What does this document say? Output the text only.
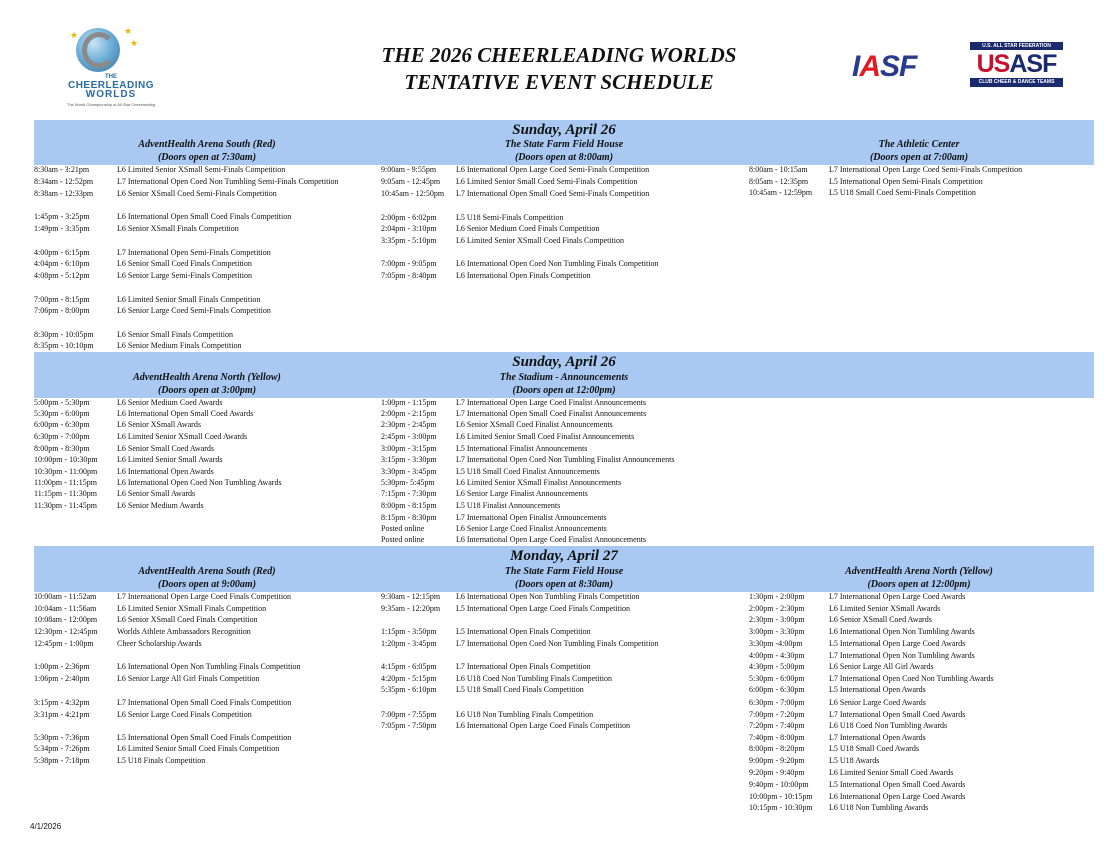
★	★
★
THE
CHEERLEADING
WORLDS
The World Championship of All Star Cheerleading
THE 2026 CHEERLEADING WORLDS
TENTATIVE EVENT SCHEDULE	IASF
U.S. ALL STAR FEDERATION
USASF
CLUB CHEER & DANCE TEAMS
Sunday, April 26
AdventHealth Arena South (Red)
(Doors open at 7:30am)
The State Farm Field House
(Doors open at 8:00am)
The Athletic Center
(Doors open at 7:00am)
Sunday, April 26
AdventHealth Arena North (Yellow)
(Doors open at 3:00pm)
The Stadium - Announcements
(Doors open at 12:00pm)
Monday, April 27
AdventHealth Arena South (Red)
(Doors open at 9:00am)
The State Farm Field House
(Doors open at 8:30am)
AdventHealth Arena North (Yellow)
(Doors open at 12:00pm)
8:30am - 3:21pm	L6 Limited Senior XSmall Semi-Finals Competition
8:34am - 12:52pm	L7 International Open Coed Non Tumbling Semi-Finals Competition
8:38am - 12:33pm	L6 Senior XSmall Coed Semi-Finals Competition
1:45pm - 3:25pm	L6 International Open Small Coed Finals Competition
1:49pm - 3:35pm	L6 Senior XSmall Finals Competition
4:00pm - 6:15pm	L7 International Open Semi-Finals Competition
4:04pm - 6:10pm	L6 Senior Small Coed Finals Competition
4:08pm - 5:12pm	L6 Senior Large Semi-Finals Competition
7:00pm - 8:15pm	L6 Limited Senior Small Finals Competition
7:06pm - 8:00pm	L6 Senior Large Coed Semi-Finals Competition
8:30pm - 10:05pm	L6 Senior Small Finals Competition
8:35pm - 10:10pm	L6 Senior Medium Finals Competition
9:00am - 9:55pm L6 International Open Large Coed Semi-Finals Competition
9:05am - 12:45pm L6 Limited Senior Small Coed Semi-Finals Competition
10:45am - 12:50pm L7 International Open Small Coed Semi-Finals Competition
2:00pm - 6:02pm L5 U18 Semi-Finals Competition
2:04pm - 3:10pm L6 Senior Medium Coed Finals Competition
3:35pm - 5:10pm L6 Limited Senior XSmall Coed Finals Competition
7:00pm - 9:05pm L6 International Open Coed Non Tumbling Finals Competition
7:05pm - 8:40pm L6 International Open Finals Competition
8:00am - 10:15am	L7 International Open Large Coed Semi-Finals Competition
8:05am - 12:35pm	L5 International Open Semi-Finals Competition
10:45am - 12:59pm L5 U18 Small Coed Semi-Finals Competition
5:00pm - 5:30pm	L6 Senior Medium Coed Awards
5:30pm - 6:00pm	L6 International Open Small Coed Awards
6:00pm - 6:30pm	L6 Senior XSmall Awards
6:30pm - 7:00pm	L6 Limited Senior XSmall Coed Awards
8:00pm - 8:30pm	L6 Senior Small Coed Awards
10:00pm - 10:30pm L6 Limited Senior Small Awards
10:30pm - 11:00pm L6 International Open Awards
11:00pm - 11:15pm	L6 International Open Coed Non Tumbling Awards
11:15pm - 11:30pm	L6 Senior Small Awards
11:30pm - 11:45pm	L6 Senior Medium Awards
1:00pm - 1:15pm L7 International Open Large Coed Finalist Announcements
2:00pm - 2:15pm L7 International Open Small Coed Finalist Announcements
2:30pm - 2:45pm L6 Senior XSmall Coed Finalist Announcements
2:45pm - 3:00pm L6 Limited Senior Small Coed Finalist Announcements
3:00pm - 3:15pm L5 International Finalist Announcements
3:15pm - 3:30pm L7 International Open Coed Non Tumbling Finalist Announcements
3:30pm - 3:45pm L5 U18 Small Coed Finalist Announcements
5:30pm- 5:45pm	L6 Limited Senior XSmall Finalist Announcements
7:15pm - 7:30pm L6 Senior Large Finalist Announcements
8:00pm - 8:15pm L5 U18 Finalist Announcements
8:15pm - 8:30pm L7 International Open Finalist Announcements
Posted online	L6 Senior Large Coed Finalist Announcements
Posted online	L6 International Open Large Coed Finalist Announcements
10:00am - 11:52am	L7 International Open Large Coed Finals Competition
10:04am - 11:56am	L6 Limited Senior XSmall Finals Competition
10:08am - 12:00pm L6 Senior XSmall Coed Finals Competition
12:30pm - 12:45pm Worlds Athlete Ambassadors Recognition
12:45pm - 1:00pm	Cheer Scholarship Awards
1:00pm - 2:36pm	L6 International Open Non Tumbling Finals Competition
1:06pm - 2:40pm	L6 Senior Large All Girl Finals Competition
3:15pm - 4:32pm	L7 International Open Small Coed Finals Competition
3:31pm - 4:21pm	L6 Senior Large Coed Finals Competition
5:30pm - 7:36pm	L5 International Open Small Coed Finals Competition
5:34pm - 7:26pm	L6 Limited Senior Small Coed Finals Competition
5:38pm - 7:18pm	L5 U18 Finals Competition
9:30am - 12:15pm L6 International Open Non Tumbling Finals Competition
9:35am - 12:20pm L5 International Open Large Coed Finals Competition
1:15pm - 3:50pm L5 International Open Finals Competition
1:20pm - 3:45pm L7 International Open Coed Non Tumbling Finals Competition
4:15pm - 6:05pm L7 International Open Finals Competition
4:20pm - 5:15pm L6 U18 Coed Non Tumbling Finals Competition
5:35pm - 6:10pm L5 U18 Small Coed Finals Competition
7:00pm - 7:55pm L6 U18 Non Tumbling Finals Competition
7:05pm - 7:50pm L6 International Open Large Coed Finals Competition
1:30pm - 2:00pm	L7 International Open Large Coed Awards
2:00pm - 2:30pm	L6 Limited Senior XSmall Awards
2:30pm - 3:00pm	L6 Senior XSmall Coed Awards
3:00pm - 3:30pm	L6 International Open Non Tumbling Awards
3:30pm -4:00pm	L5 International Open Large Coed Awards
4:00pm - 4:30pm	L7 International Open Non Tumbling Awards
4:30pm - 5:00pm	L6 Senior Large All Girl Awards
5:30pm - 6:00pm	L7 International Open Coed Non Tumbling Awards
6:00pm - 6:30pm	L5 International Open Awards
6:30pm - 7:00pm	L6 Senior Large Coed Awards
7:00pm - 7:20pm	L7 International Open Small Coed Awards
7:20pm - 7:40pm	L6 U18 Coed Non Tumbling Awards
7:40pm - 8:00pm	L7 International Open Awards
8:00pm - 8:20pm	L5 U18 Small Coed Awards
9:00pm - 9:20pm	L5 U18 Awards
9:20pm - 9:40pm	L6 Limited Senior Small Coed Awards
9:40pm - 10:00pm	L5 International Open Small Coed Awards
10:00pm - 10:15pm L6 International Open Large Coed Awards
10:15pm - 10:30pm L6 U18 Non Tumbling Awards
4/1/2026
